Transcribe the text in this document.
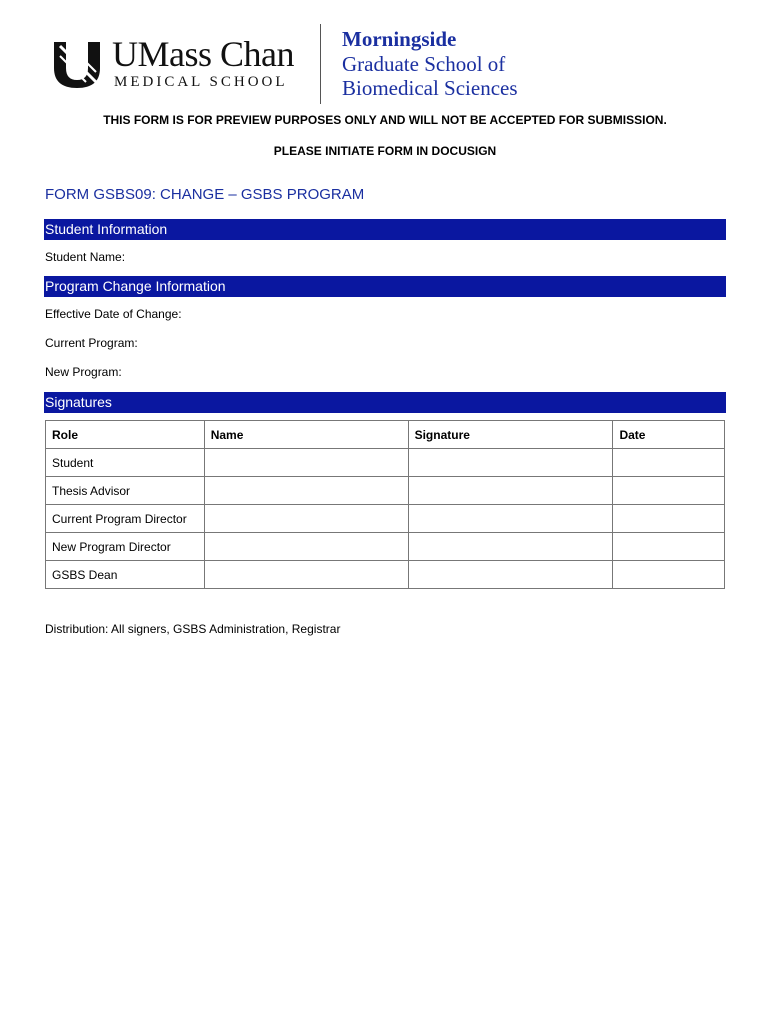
UMass Chan
MEDICAL SCHOOL
Morningside
Graduate School of
Biomedical Sciences
THIS FORM IS FOR PREVIEW PURPOSES ONLY AND WILL NOT BE ACCEPTED FOR SUBMISSION.
PLEASE INITIATE FORM IN DOCUSIGN
FORM GSBS09: CHANGE – GSBS PROGRAM
Student Information
Student Name:
Program Change Information
Effective Date of Change:
Current Program:
New Program:
Signatures
Role	Name	Signature	Date
Student			
Thesis Advisor			
Current Program Director			
New Program Director			
GSBS Dean			
Distribution: All signers, GSBS Administration, Registrar
